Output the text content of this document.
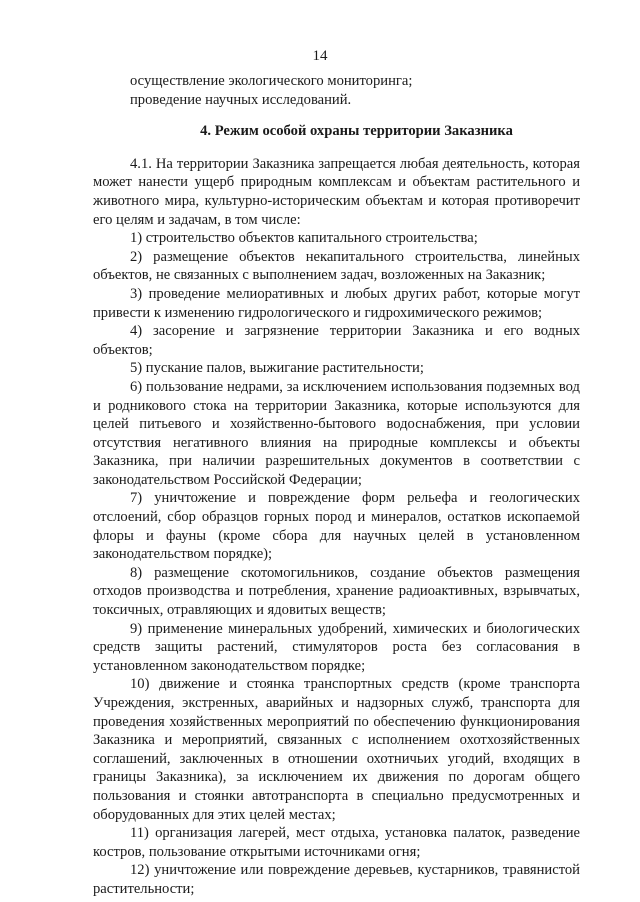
14

осуществление экологического мониторинга;

проведение научных исследований.

4. Режим особой охраны территории Заказника

4.1. На территории Заказника запрещается любая деятельность, которая может нанести ущерб природным комплексам и объектам растительного и животного мира, культурно-историческим объектам и которая противоречит его целям и задачам, в том числе:

1) строительство объектов капитального строительства;

2) размещение объектов некапитального строительства, линейных объектов, не связанных с выполнением задач, возложенных на Заказник;

3) проведение мелиоративных и любых других работ, которые могут привести к изменению гидрологического и гидрохимического режимов;

4) засорение и загрязнение территории Заказника и его водных объектов;

5) пускание палов, выжигание растительности;

6) пользование недрами, за исключением использования подземных вод и родникового стока на территории Заказника, которые используются для целей питьевого и хозяйственно-бытового водоснабжения, при условии отсутствия негативного влияния на природные комплексы и объекты Заказника, при наличии разрешительных документов в соответствии с законодательством Российской Федерации;

7) уничтожение и повреждение форм рельефа и геологических отслоений, сбор образцов горных пород и минералов, остатков ископаемой флоры и фауны (кроме сбора для научных целей в установленном законодательством порядке);

8) размещение скотомогильников, создание объектов размещения отходов производства и потребления, хранение радиоактивных, взрывчатых, токсичных, отравляющих и ядовитых веществ;

9) применение минеральных удобрений, химических и биологических средств защиты растений, стимуляторов роста без согласования в установленном законодательством порядке;

10) движение и стоянка транспортных средств (кроме транспорта Учреждения, экстренных, аварийных и надзорных служб, транспорта для проведения хозяйственных мероприятий по обеспечению функционирования Заказника и мероприятий, связанных с исполнением охотхозяйственных соглашений, заключенных в отношении охотничьих угодий, входящих в границы Заказника), за исключением их движения по дорогам общего пользования и стоянки автотранспорта в специально предусмотренных и оборудованных для этих целей местах;

11) организация лагерей, мест отдыха, установка палаток, разведение костров, пользование открытыми источниками огня;

12) уничтожение или повреждение деревьев, кустарников, травянистой растительности;
